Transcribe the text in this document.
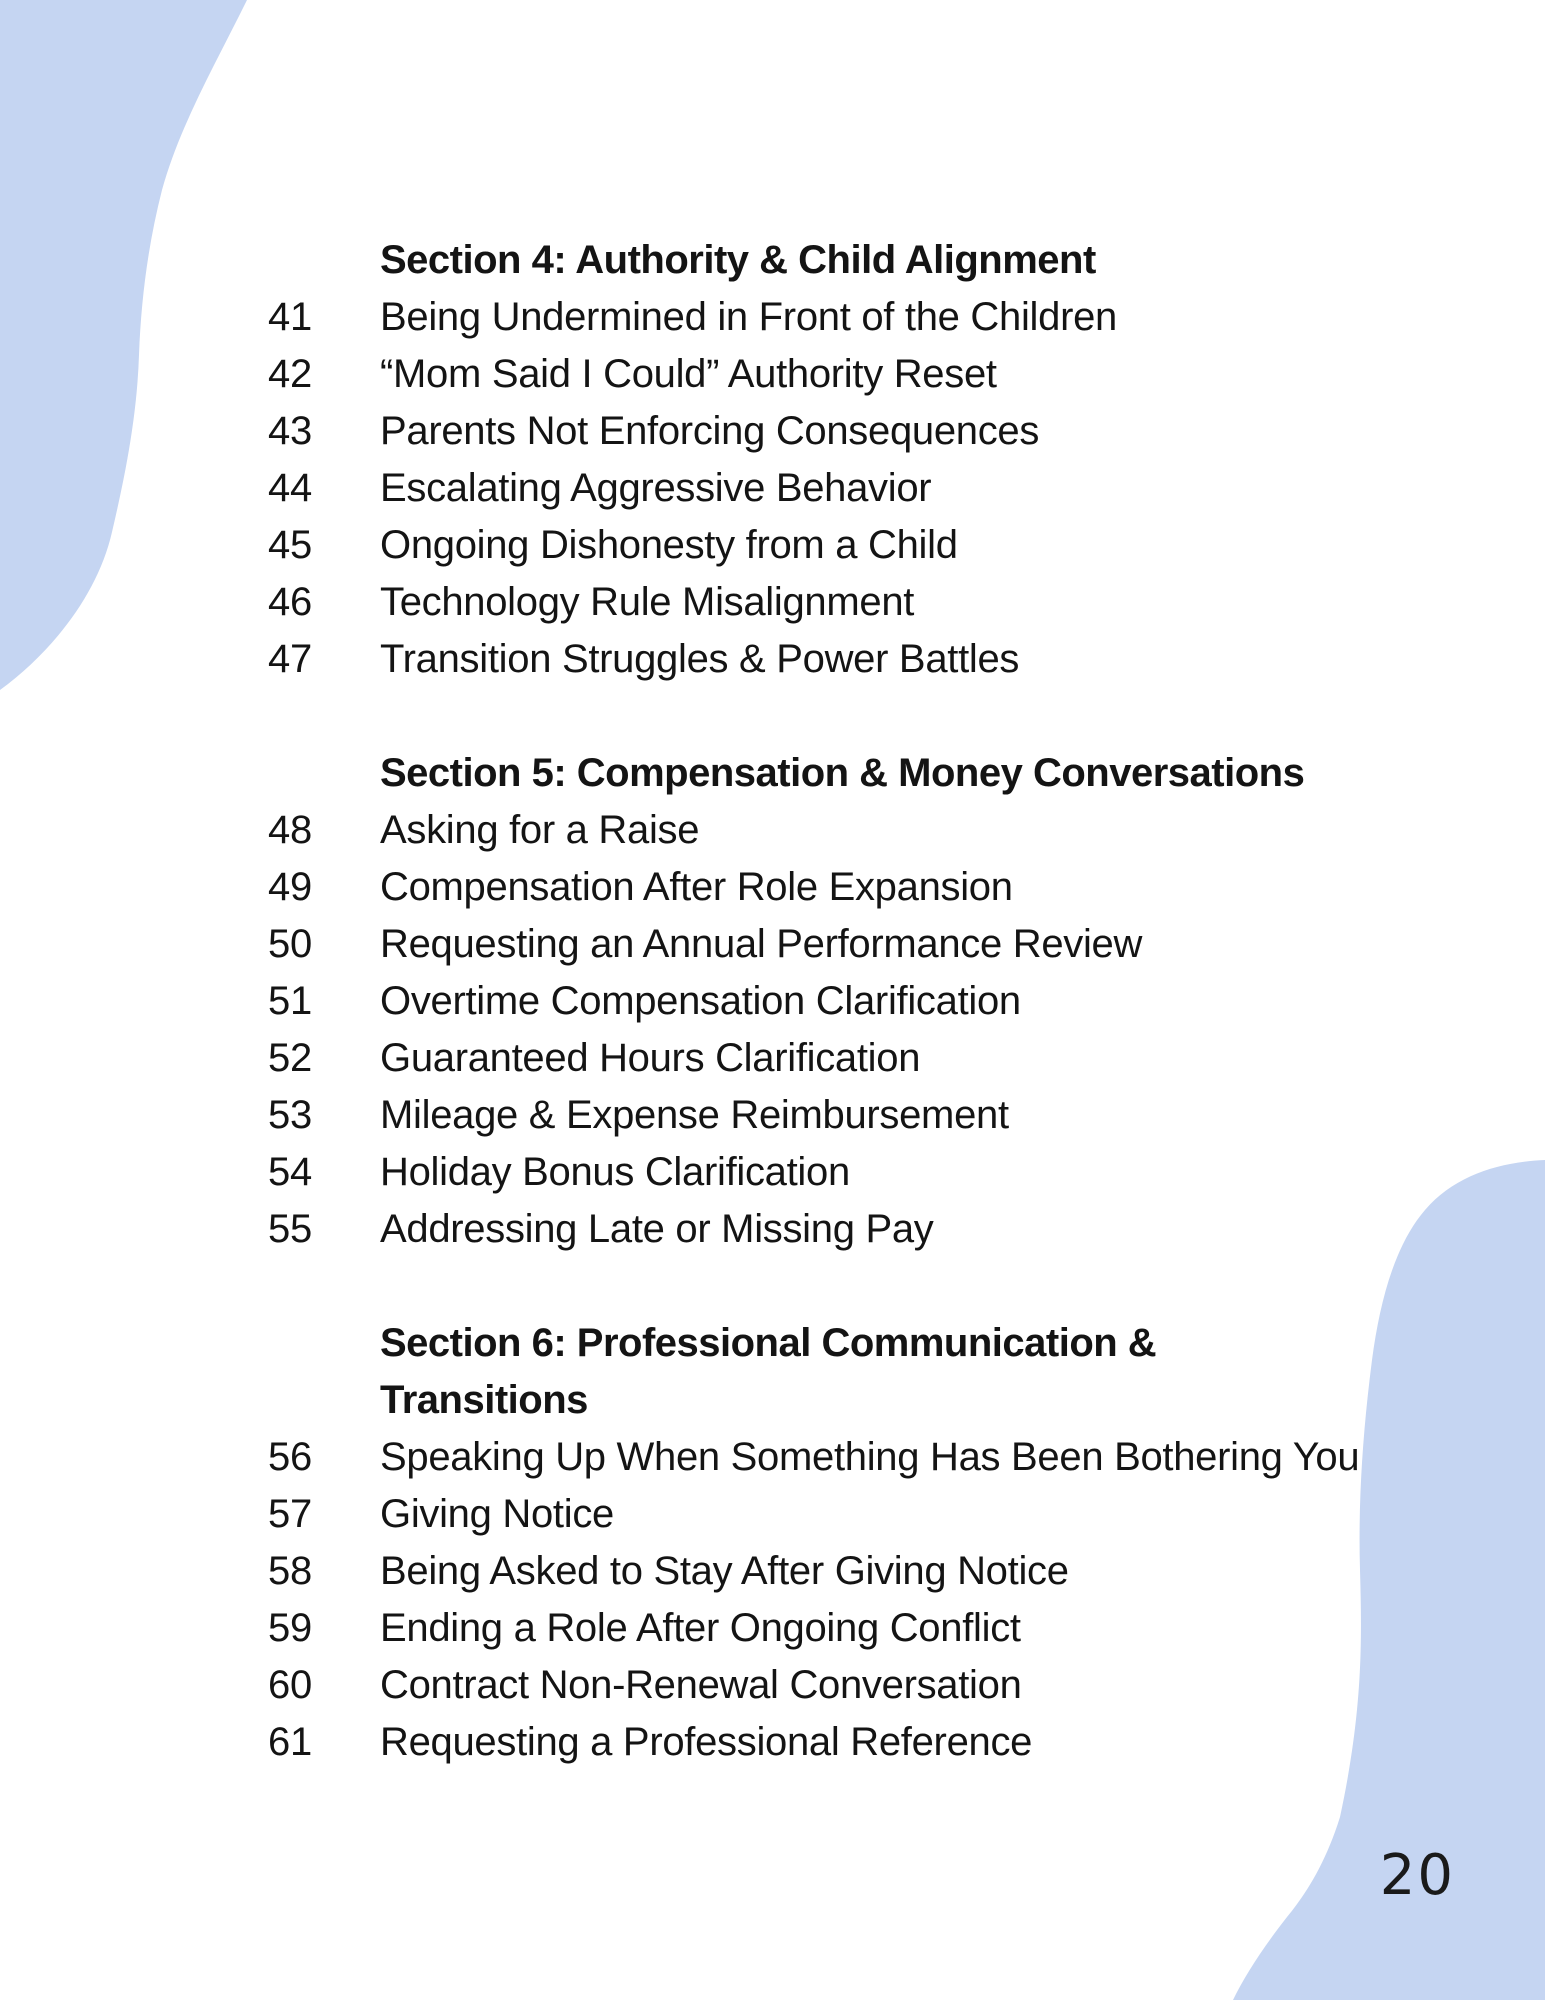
Section 4: Authority & Child Alignment
41	Being Undermined in Front of the Children
42	“Mom Said I Could” Authority Reset
43	Parents Not Enforcing Consequences
44	Escalating Aggressive Behavior
45	Ongoing Dishonesty from a Child
46	Technology Rule Misalignment
47	Transition Struggles & Power Battles
Section 5: Compensation & Money Conversations
48	Asking for a Raise
49	Compensation After Role Expansion
50	Requesting an Annual Performance Review
51	Overtime Compensation Clarification
52	Guaranteed Hours Clarification
53	Mileage & Expense Reimbursement
54	Holiday Bonus Clarification
55	Addressing Late or Missing Pay
Section 6: Professional Communication &
Transitions
56	Speaking Up When Something Has Been Bothering You
57	Giving Notice
58	Being Asked to Stay After Giving Notice
59	Ending a Role After Ongoing Conflict
60	Contract Non-Renewal Conversation
61	Requesting a Professional Reference
20
